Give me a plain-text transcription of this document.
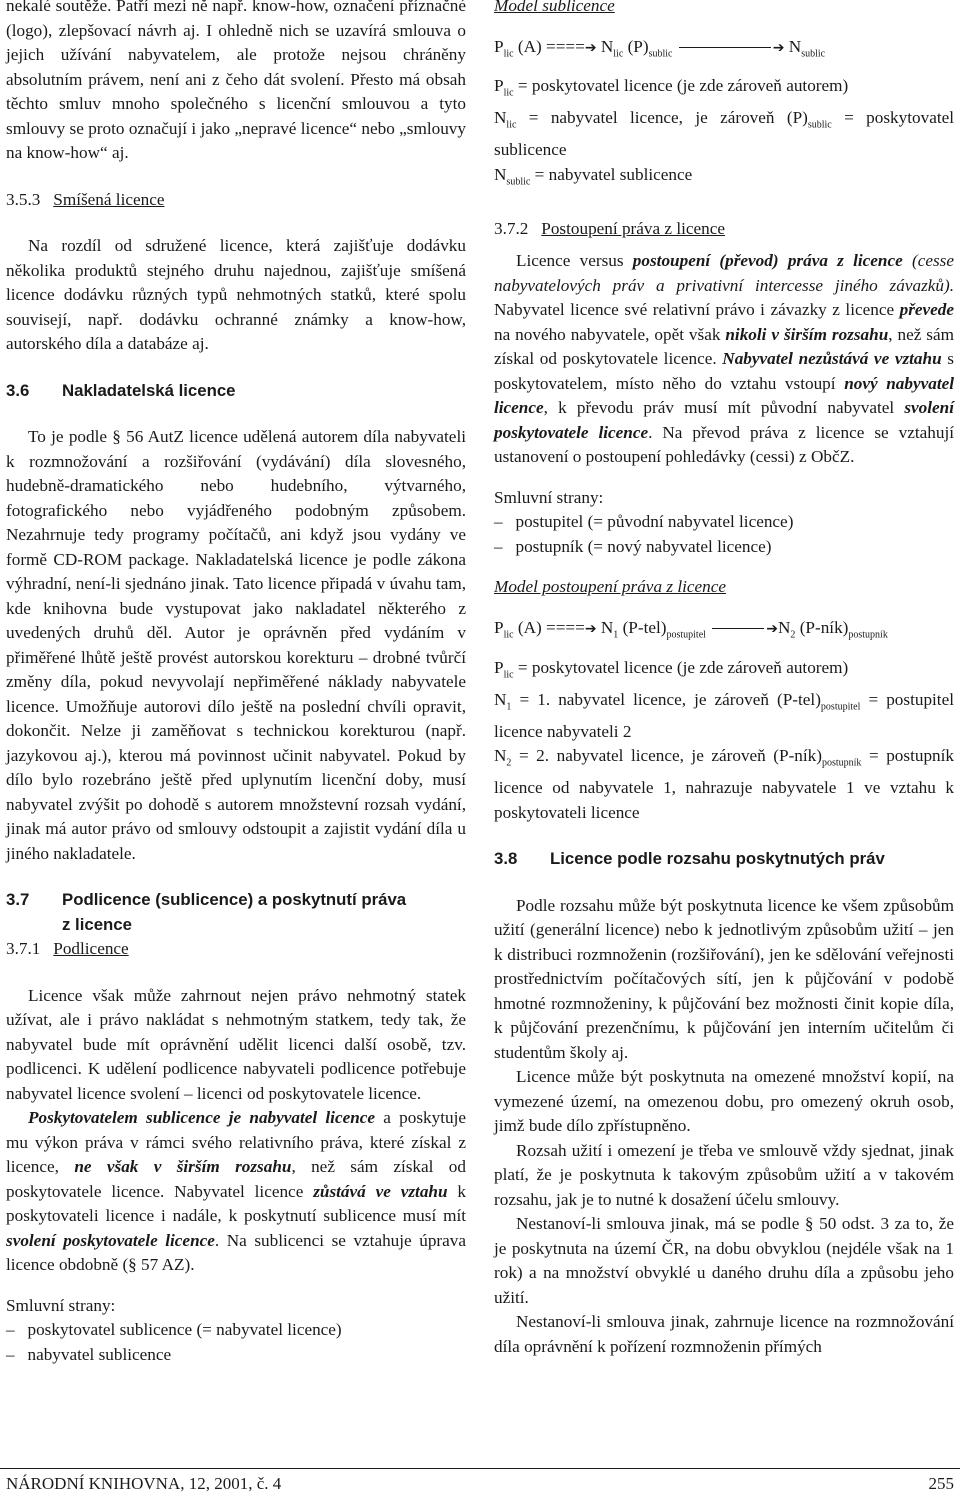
nekalé soutěže. Patří mezi ně např. know-how, označení příznačné (logo), zlepšovací návrh aj. I ohledně nich se uzavírá smlouva o jejich užívání nabyvatelem, ale protože nejsou chráněny absolutním právem, není ani z čeho dát svolení. Přesto má obsah těchto smluv mnoho společného s licenční smlouvou a tyto smlouvy se proto označují i jako „nepravé licence“ nebo „smlouvy na know-how“ aj.

3.5.3 Smíšená licence

Na rozdíl od sdružené licence, která zajišťuje dodávku několika produktů stejného druhu najednou, zajišťuje smíšená licence dodávku různých typů nehmotných statků, které spolu souvisejí, např. dodávku ochranné známky a know-how, autorského díla a databáze aj.

3.6 Nakladatelská licence

To je podle § 56 AutZ licence udělená autorem díla nabyvateli k rozmnožování a rozšiřování (vydávání) díla slovesného, hudebně-dramatického nebo hudebního, výtvarného, fotografického nebo vyjádřeného podobným způsobem. Nezahrnuje tedy programy počítačů, ani když jsou vydány ve formě CD-ROM package. Nakladatelská licence je podle zákona výhradní, není-li sjednáno jinak. Tato licence připadá v úvahu tam, kde knihovna bude vystupovat jako nakladatel některého z uvedených druhů děl. Autor je oprávněn před vydáním v přiměřené lhůtě ještě provést autorskou korekturu – drobné tvůrčí změny díla, pokud nevyvolají nepřiměřené náklady nabyvatele licence. Umožňuje autorovi dílo ještě na poslední chvíli opravit, dokončit. Nelze ji zaměňovat s technickou korekturou (např. jazykovou aj.), kterou má povinnost učinit nabyvatel. Pokud by dílo bylo rozebráno ještě před uplynutím licenční doby, musí nabyvatel zvýšit po dohodě s autorem množstevní rozsah vydání, jinak má autor právo od smlouvy odstoupit a zajistit vydání díla u jiného nakladatele.

3.7 Podlicence (sublicence) a poskytnutí práva
z licence
3.7.1 Podlicence

Licence však může zahrnout nejen právo nehmotný statek užívat, ale i právo nakládat s nehmotným statkem, tedy tak, že nabyvatel bude mít oprávnění udělit licenci další osobě, tzv. podlicenci. K udělení podlicence nabyvateli podlicence potřebuje nabyvatel licence svolení – licenci od poskytovatele licence.

Poskytovatelem sublicence je nabyvatel licence a poskytuje mu výkon práva v rámci svého relativního práva, které získal z licence, ne však v širším rozsahu, než sám získal od poskytovatele licence. Nabyvatel licence zůstává ve vztahu k poskytovateli licence i nadále, k poskytnutí sublicence musí mít svolení poskytovatele licence. Na sublicenci se vztahuje úprava licence obdobně (§ 57 AZ).

Smluvní strany:

– poskytovatel sublicence (= nabyvatel licence)

– nabyvatel sublicence

Model sublicence

$P_{lic}$ (A) ====➔ $N_{lic}$ $(P)_{sublic}$	➔ $N_{sublic}$

$P_{lic}$ = poskytovatel licence (je zde zároveň autorem)

$N_{lic}$ = nabyvatel licence, je zároveň $(P)_{sublic}$ = poskytovatel sublicence

$N_{sublic}$ = nabyvatel sublicence

3.7.2 Postoupení práva z licence

Licence versus postoupení (převod) práva z licence (cesse nabyvatelových práv a privativní intercesse jiného závazků). Nabyvatel licence své relativní právo i závazky z licence převede na nového nabyvatele, opět však nikoli v širším rozsahu, než sám získal od poskytovatele licence. Nabyvatel nezůstává ve vztahu s poskytovatelem, místo něho do vztahu vstoupí nový nabyvatel licence, k převodu práv musí mít původní nabyvatel svolení poskytovatele licence. Na převod práva z licence se vztahují ustanovení o postoupení pohledávky (cessi) z ObčZ.

Smluvní strany:

– postupitel (= původní nabyvatel licence)

– postupník (= nový nabyvatel licence)

Model postoupení práva z licence

$P_{lic}$ (A) ====➔ $N_1$ $(P-tel)_{postupitel}$	$➔N_2$ $(P-ník)_{postupník}$

$P_{lic}$ = poskytovatel licence (je zde zároveň autorem)

$N_1 = 1$. nabyvatel licence, je zároveň $(P-tel)_{postupitel}$ = postupitel licence nabyvateli 2

$N_2 = 2$. nabyvatel licence, je zároveň $(P-ník)_{postupník}$ = postupník licence od nabyvatele 1, nahrazuje nabyvatele 1 ve vztahu k poskytovateli licence

3.8 Licence podle rozsahu poskytnutých práv

Podle rozsahu může být poskytnuta licence ke všem způsobům užití (generální licence) nebo k jednotlivým způsobům užití – jen k distribuci rozmnoženin (rozšiřování), jen ke sdělování veřejnosti prostřednictvím počítačových sítí, jen k půjčování v podobě hmotné rozmnoženiny, k půjčování bez možnosti činit kopie díla, k půjčování prezenčnímu, k půjčování jen interním učitelům či studentům školy aj.

Licence může být poskytnuta na omezené množství kopií, na vymezené území, na omezenou dobu, pro omezený okruh osob, jimž bude dílo zpřístupněno.

Rozsah užití i omezení je třeba ve smlouvě vždy sjednat, jinak platí, že je poskytnuta k takovým způsobům užití a v takovém rozsahu, jak je to nutné k dosažení účelu smlouvy.

Nestanoví-li smlouva jinak, má se podle § 50 odst. 3 za to, že je poskytnuta na území ČR, na dobu obvyklou (nejdéle však na 1 rok) a na množství obvyklé u daného druhu díla a způsobu jeho užití.

Nestanoví-li smlouva jinak, zahrnuje licence na rozmnožování díla oprávnění k pořízení rozmnoženin přímých

NÁRODNÍ KNIHOVNA, 12, 2001, č. 4	255
